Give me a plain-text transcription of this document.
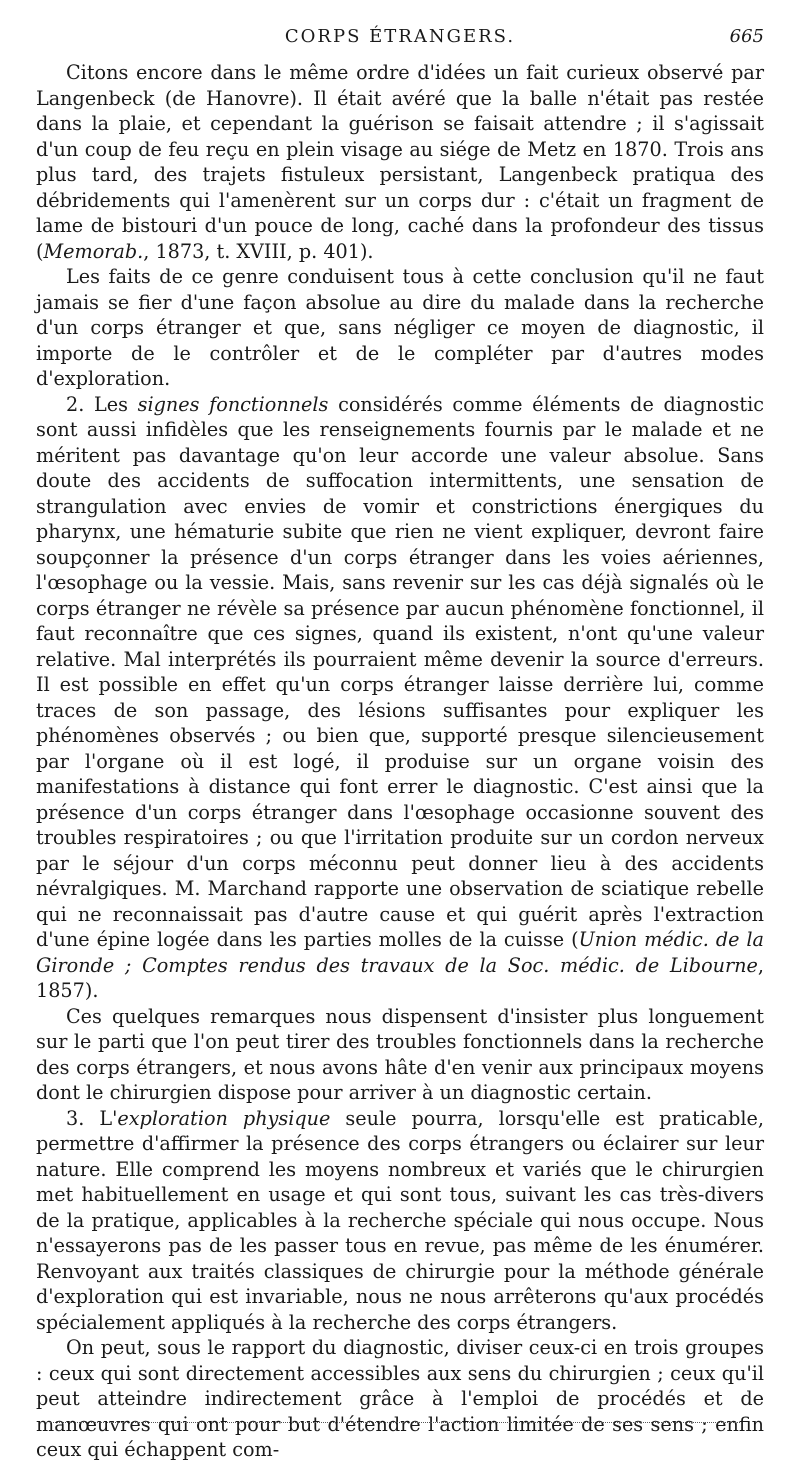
CORPS ÉTRANGERS.	665

Citons encore dans le même ordre d'idées un fait curieux observé par Langenbeck (de Hanovre). Il était avéré que la balle n'était pas restée dans la plaie, et cependant la guérison se faisait attendre ; il s'agissait d'un coup de feu reçu en plein visage au siége de Metz en 1870. Trois ans plus tard, des trajets fistuleux persistant, Langenbeck pratiqua des débridements qui l'amenèrent sur un corps dur : c'était un fragment de lame de bistouri d'un pouce de long, caché dans la profondeur des tissus (Memorab., 1873, t. XVIII, p. 401).

Les faits de ce genre conduisent tous à cette conclusion qu'il ne faut jamais se fier d'une façon absolue au dire du malade dans la recherche d'un corps étranger et que, sans négliger ce moyen de diagnostic, il importe de le contrôler et de le compléter par d'autres modes d'exploration.

2. Les signes fonctionnels considérés comme éléments de diagnostic sont aussi infidèles que les renseignements fournis par le malade et ne méritent pas davantage qu'on leur accorde une valeur absolue. Sans doute des accidents de suffocation intermittents, une sensation de strangulation avec envies de vomir et constrictions énergiques du pharynx, une hématurie subite que rien ne vient expliquer, devront faire soupçonner la présence d'un corps étranger dans les voies aériennes, l'œsophage ou la vessie. Mais, sans revenir sur les cas déjà signalés où le corps étranger ne révèle sa présence par aucun phénomène fonctionnel, il faut reconnaître que ces signes, quand ils existent, n'ont qu'une valeur relative. Mal interprétés ils pourraient même devenir la source d'erreurs. Il est possible en effet qu'un corps étranger laisse derrière lui, comme traces de son passage, des lésions suffisantes pour expliquer les phénomènes observés ; ou bien que, supporté presque silencieusement par l'organe où il est logé, il produise sur un organe voisin des manifestations à distance qui font errer le diagnostic. C'est ainsi que la présence d'un corps étranger dans l'œsophage occasionne souvent des troubles respiratoires ; ou que l'irritation produite sur un cordon nerveux par le séjour d'un corps méconnu peut donner lieu à des accidents névralgiques. M. Marchand rapporte une observation de sciatique rebelle qui ne reconnaissait pas d'autre cause et qui guérit après l'extraction d'une épine logée dans les parties molles de la cuisse (Union médic. de la Gironde ; Comptes rendus des travaux de la Soc. médic. de Libourne, 1857).

Ces quelques remarques nous dispensent d'insister plus longuement sur le parti que l'on peut tirer des troubles fonctionnels dans la recherche des corps étrangers, et nous avons hâte d'en venir aux principaux moyens dont le chirurgien dispose pour arriver à un diagnostic certain.

3. L'exploration physique seule pourra, lorsqu'elle est praticable, permettre d'affirmer la présence des corps étrangers ou éclairer sur leur nature. Elle comprend les moyens nombreux et variés que le chirurgien met habituellement en usage et qui sont tous, suivant les cas très-divers de la pratique, applicables à la recherche spéciale qui nous occupe. Nous n'essayerons pas de les passer tous en revue, pas même de les énumérer. Renvoyant aux traités classiques de chirurgie pour la méthode générale d'exploration qui est invariable, nous ne nous arrêterons qu'aux procédés spécialement appliqués à la recherche des corps étrangers.

On peut, sous le rapport du diagnostic, diviser ceux-ci en trois groupes : ceux qui sont directement accessibles aux sens du chirurgien ; ceux qu'il peut atteindre indirectement grâce à l'emploi de procédés et de manœuvres qui ont pour but d'étendre l'action limitée de ses sens ; enfin ceux qui échappent com-
